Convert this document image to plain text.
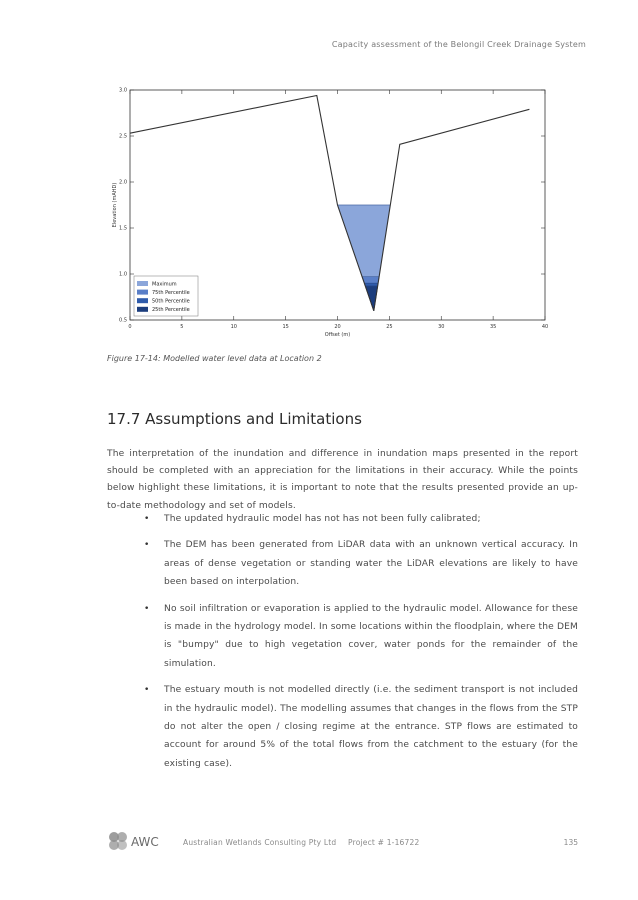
Capacity assessment of the Belongil Creek Drainage System
0	5	10	15	20	25	30	35	40
0.5
1.0
1.5
2.0
2.5
3.0
Offset (m)
Elevation (mAHD)
Maximum
75th Percentile
50th Percentile
25th Percentile
Figure 17-14: Modelled water level data at Location 2
17.7 Assumptions and Limitations

The interpretation of the inundation and difference in inundation maps presented in the report should be completed with an appreciation for the limitations in their accuracy. While the points below highlight these limitations, it is important to note that the results presented provide an up-to-date methodology and set of models.

• The updated hydraulic model has not has not been fully calibrated;
• The DEM has been generated from LiDAR data with an unknown vertical accuracy. In areas of dense vegetation or standing water the LiDAR elevations are likely to have been based on interpolation.
• No soil infiltration or evaporation is applied to the hydraulic model. Allowance for these is made in the hydrology model. In some locations within the floodplain, where the DEM is "bumpy" due to high vegetation cover, water ponds for the remainder of the simulation.
• The estuary mouth is not modelled directly (i.e. the sediment transport is not included in the hydraulic model). The modelling assumes that changes in the flows from the STP do not alter the open / closing regime at the entrance. STP flows are estimated to account for around 5% of the total flows from the catchment to the estuary (for the existing case).
AWC	Australian Wetlands Consulting Pty Ltd Project # 1-16722	135
